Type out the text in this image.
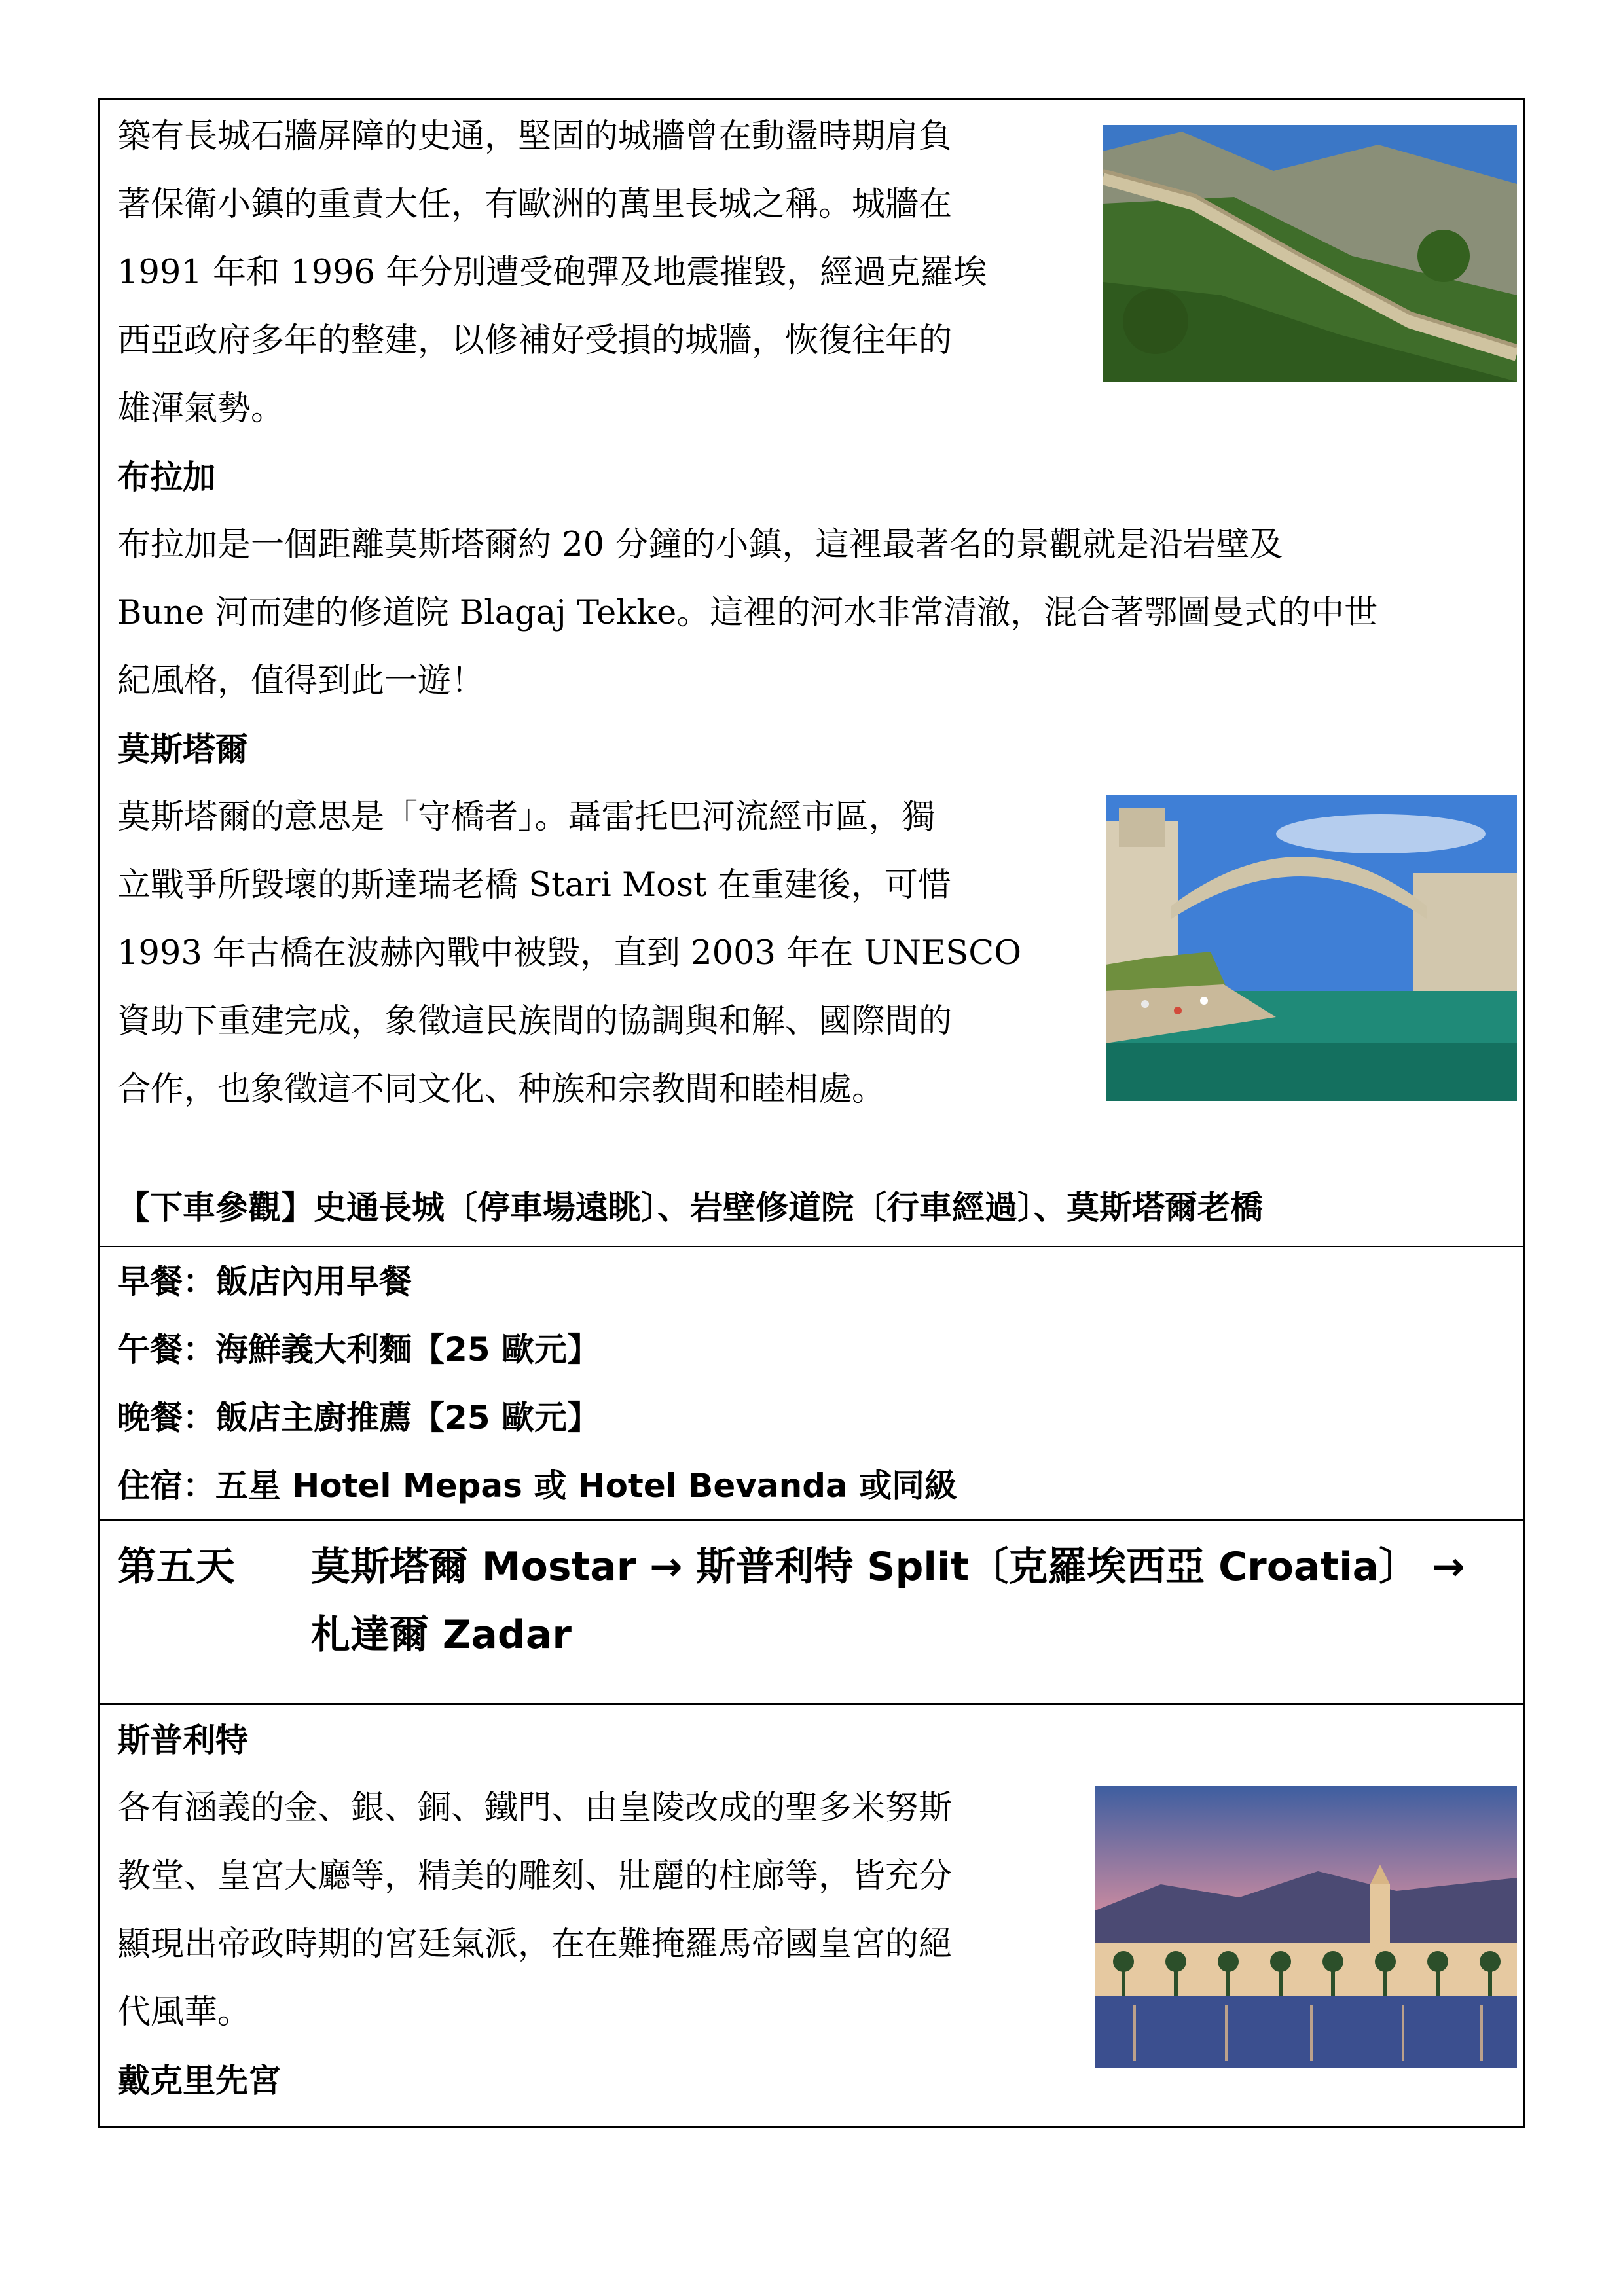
築有長城石牆屏障的史通，堅固的城牆曾在動盪時期肩負
著保衛小鎮的重責大任，有歐洲的萬里長城之稱。城牆在
1991 年和 1996 年分別遭受砲彈及地震摧毀，經過克羅埃
西亞政府多年的整建，以修補好受損的城牆，恢復往年的
雄渾氣勢。
布拉加
布拉加是一個距離莫斯塔爾約 20 分鐘的小鎮，這裡最著名的景觀就是沿岩壁及
Bune 河而建的修道院 Blagaj Tekke。這裡的河水非常清澈，混合著鄂圖曼式的中世
紀風格，值得到此一遊！
莫斯塔爾
莫斯塔爾的意思是「守橋者」。聶雷托巴河流經市區，獨
立戰爭所毀壞的斯達瑞老橋 Stari Most 在重建後，可惜
1993 年古橋在波赫內戰中被毀，直到 2003 年在 UNESCO
資助下重建完成，象徵這民族間的協調與和解、國際間的
合作，也象徵這不同文化、种族和宗教間和睦相處。
【下車參觀】史通長城〔停車場遠眺〕、岩壁修道院〔行車經過〕、莫斯塔爾老橋
早餐：飯店內用早餐
午餐：海鮮義大利麵【25 歐元】
晚餐：飯店主廚推薦【25 歐元】
住宿：五星 Hotel Mepas 或 Hotel Bevanda 或同級
第五天 莫斯塔爾 Mostar → 斯普利特 Split〔克羅埃西亞 Croatia〕 →
札達爾 Zadar
斯普利特
各有涵義的金、銀、銅、鐵門、由皇陵改成的聖多米努斯
教堂、皇宮大廳等，精美的雕刻、壯麗的柱廊等，皆充分
顯現出帝政時期的宮廷氣派，在在難掩羅馬帝國皇宮的絕
代風華。
戴克里先宮
